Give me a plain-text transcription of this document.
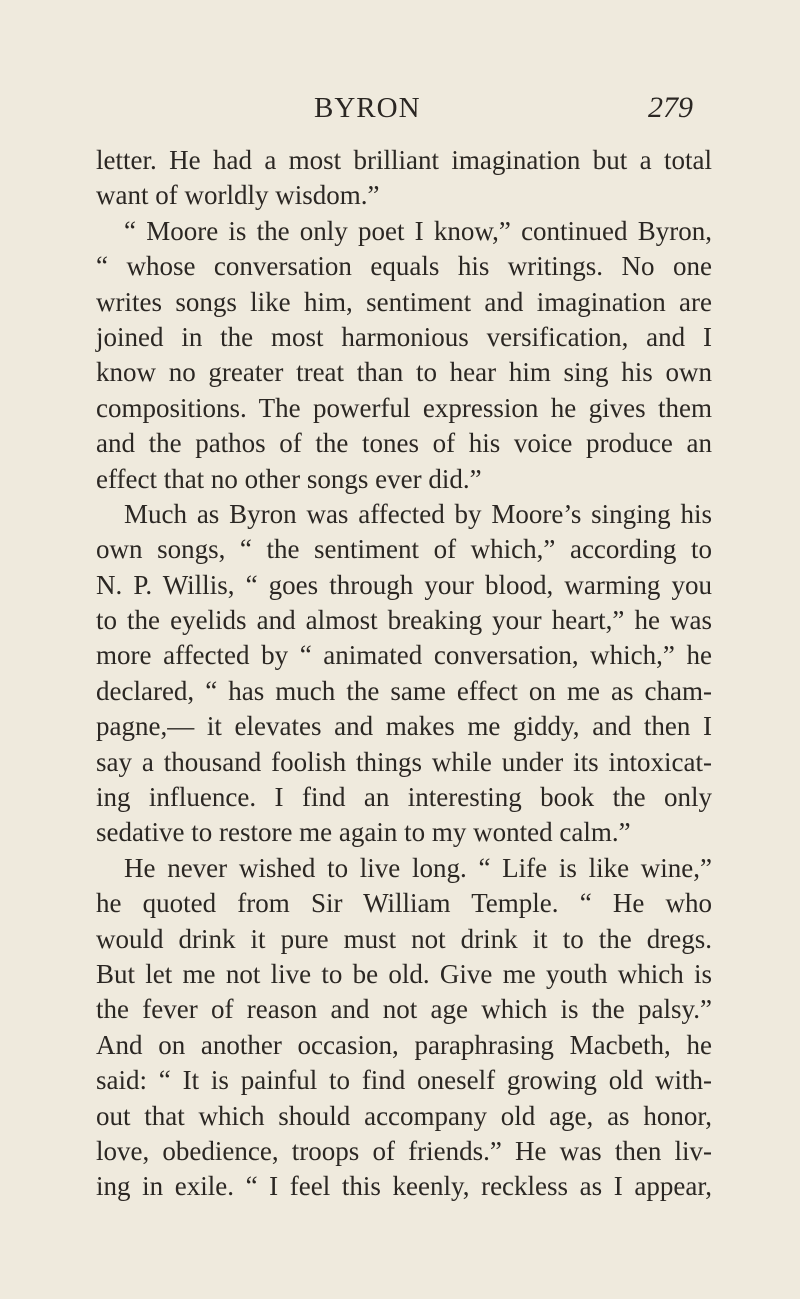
BYRON	279
letter. He had a most brilliant imagination but a total
want of worldly wisdom.”
“ Moore is the only poet I know,” continued Byron,
“ whose conversation equals his writings. No one
writes songs like him, sentiment and imagination are
joined in the most harmonious versification, and I
know no greater treat than to hear him sing his own
compositions. The powerful expression he gives them
and the pathos of the tones of his voice produce an
effect that no other songs ever did.”
Much as Byron was affected by Moore’s singing his
own songs, “ the sentiment of which,” according to
N. P. Willis, “ goes through your blood, warming you
to the eyelids and almost breaking your heart,” he was
more affected by “ animated conversation, which,” he
declared, “ has much the same effect on me as cham-
pagne,— it elevates and makes me giddy, and then I
say a thousand foolish things while under its intoxicat-
ing influence. I find an interesting book the only
sedative to restore me again to my wonted calm.”
He never wished to live long. “ Life is like wine,”
he quoted from Sir William Temple. “ He who
would drink it pure must not drink it to the dregs.
But let me not live to be old. Give me youth which is
the fever of reason and not age which is the palsy.”
And on another occasion, paraphrasing Macbeth, he
said: “ It is painful to find oneself growing old with-
out that which should accompany old age, as honor,
love, obedience, troops of friends.” He was then liv-
ing in exile. “ I feel this keenly, reckless as I appear,
